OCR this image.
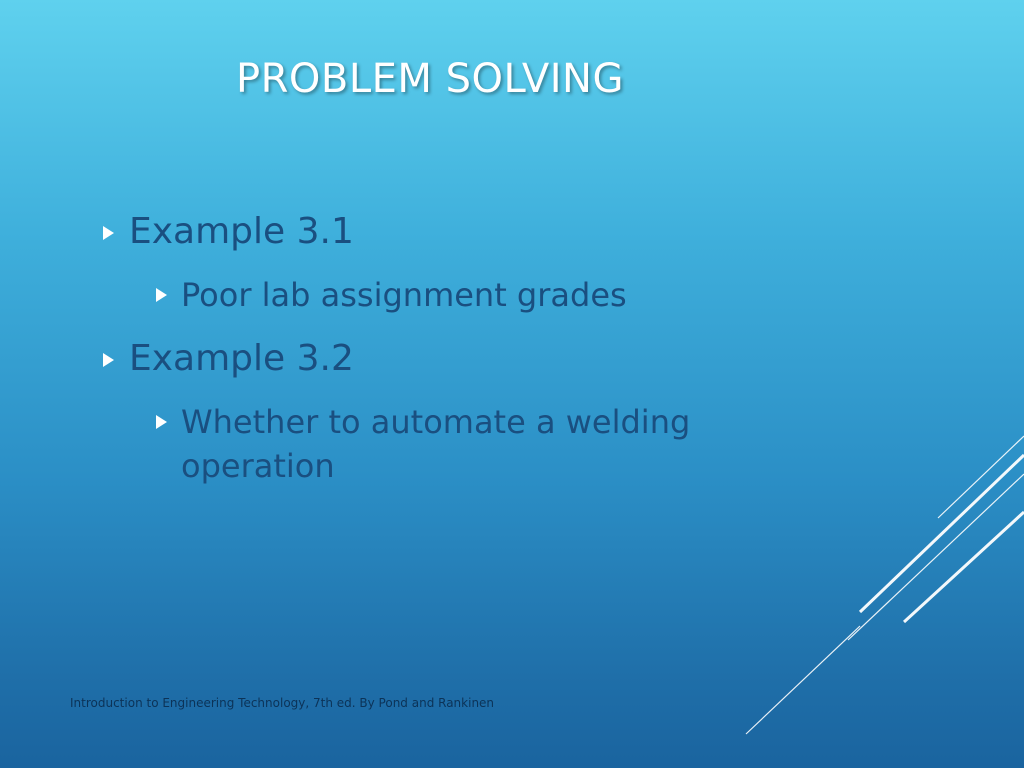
PROBLEM SOLVING
Example 3.1
Poor lab assignment grades
Example 3.2
Whether to automate a welding operation
Introduction to Engineering Technology, 7th ed. By Pond and Rankinen
